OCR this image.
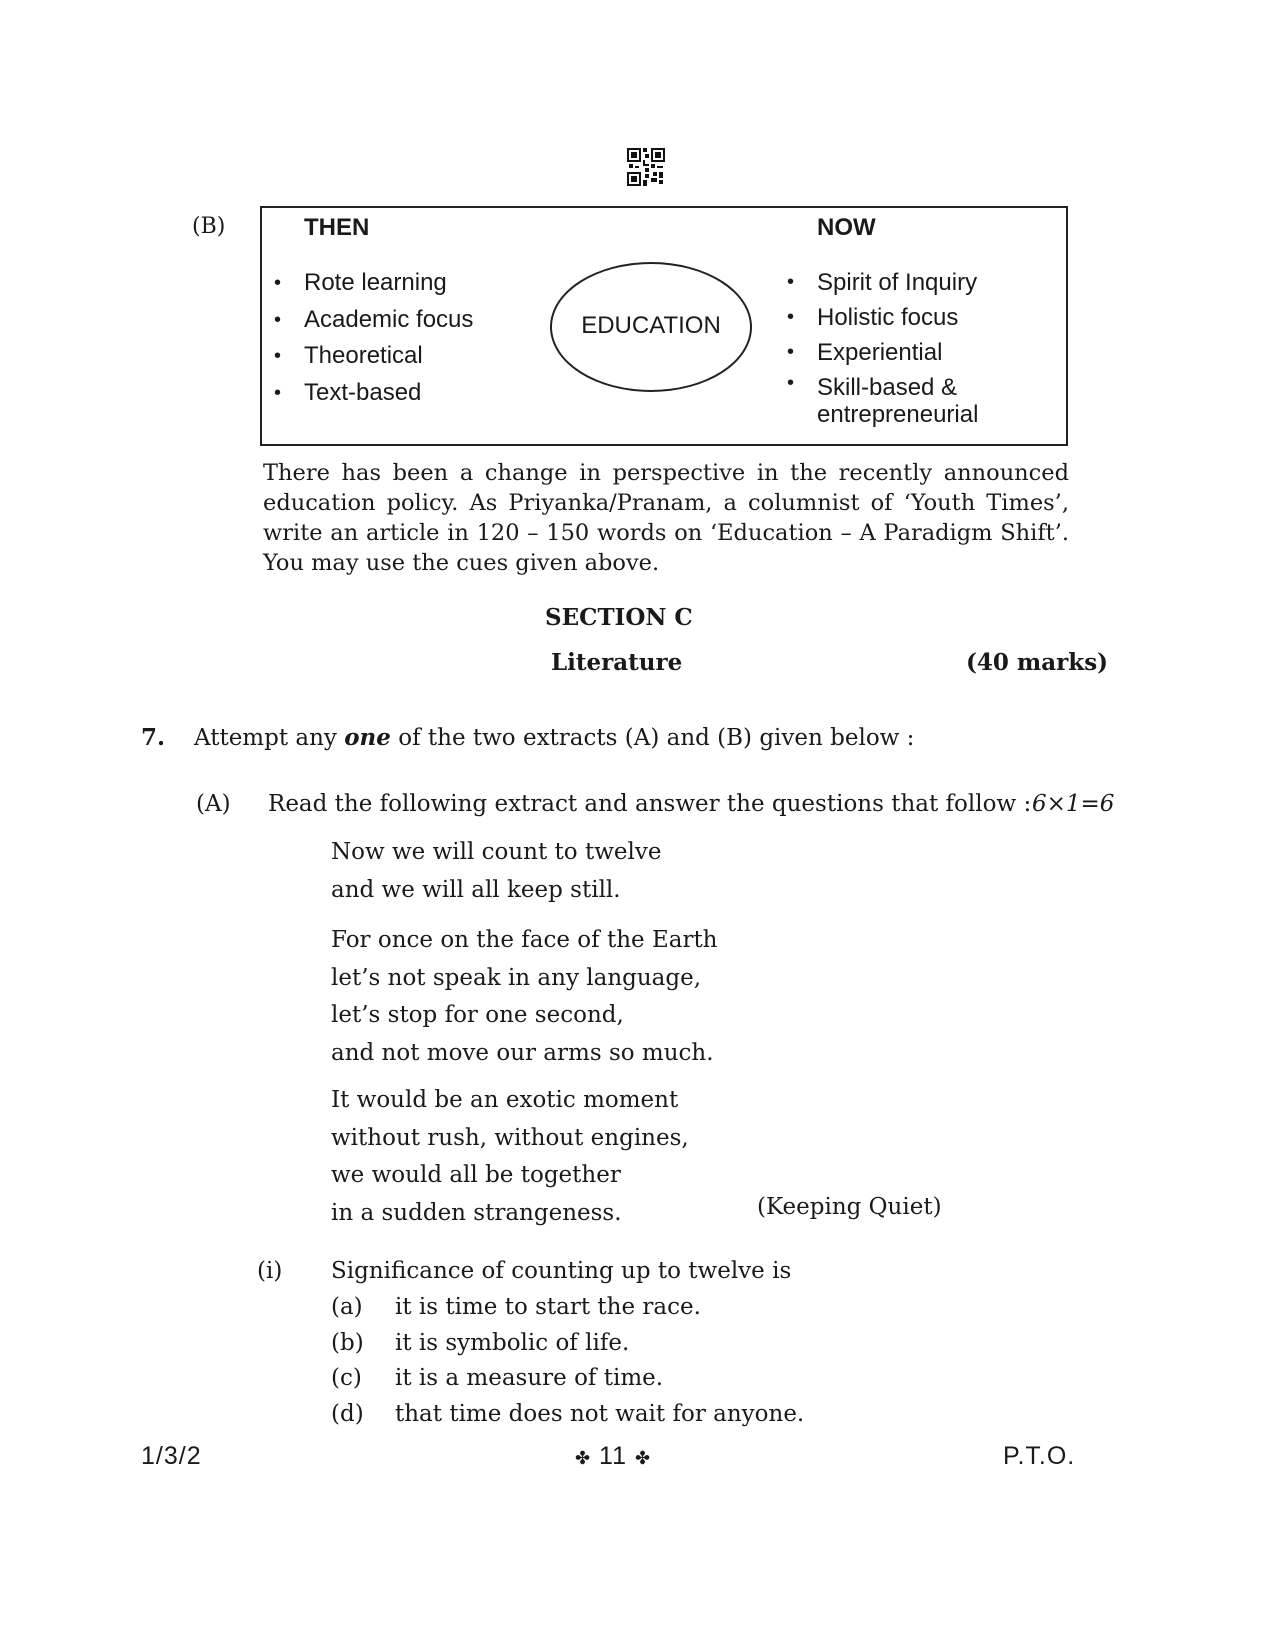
(B)	THEN	NOW
• Rote learning
• Academic focus
• Theoretical
• Text-based
EDUCATION
• Spirit of Inquiry
• Holistic focus
• Experiential
• Skill-based & entrepreneurial
There has been a change in perspective in the recently announced education policy. As Priyanka/Pranam, a columnist of ‘Youth Times’, write an article in 120 – 150 words on ‘Education – A Paradigm Shift’. You may use the cues given above.
SECTION C
Literature	(40 marks)
7. Attempt any one of the two extracts (A) and (B) given below :
(A) Read the following extract and answer the questions that follow : 6×1=6
Now we will count to twelve
and we will all keep still.
For once on the face of the Earth
let’s not speak in any language,
let’s stop for one second,
and not move our arms so much.
It would be an exotic moment
without rush, without engines,
we would all be together
in a sudden strangeness.	(Keeping Quiet)
(i) Significance of counting up to twelve is
(a)
(b)
(c)
(d)
it is time to start the race.
it is symbolic of life.
it is a measure of time.
that time does not wait for anyone.
1/3/2	✤ 11 ✤	P.T.O.
